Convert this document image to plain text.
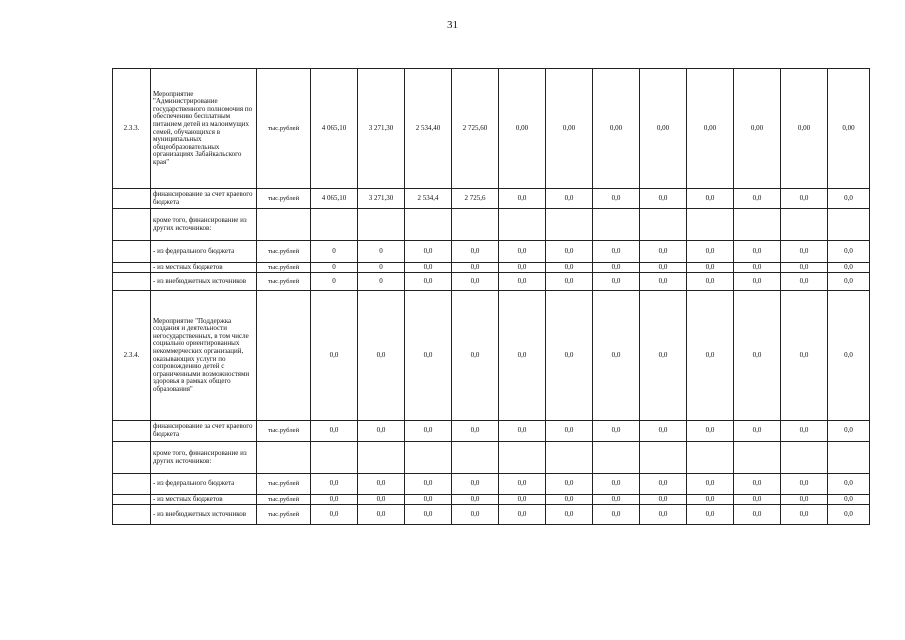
31
2.3.3.	Мероприятие "Администрирование государственного полномочия по обеспечению бесплатным питанием детей из малоимущих семей, обучающихся в муниципальных общеобразовательных организациях Забайкальского края"	тыс.рублей	4 065,10	3 271,30	2 534,40	2 725,60	0,00	0,00	0,00	0,00	0,00	0,00	0,00	0,00
	финансирование за счет краевого бюджета	тыс.рублей	4 065,10	3 271,30	2 534,4	2 725,6	0,0	0,0	0,0	0,0	0,0	0,0	0,0	0,0
	кроме того, финансирование из других источников:													
	- из федерального бюджета	тыс.рублей	0	0	0,0	0,0	0,0	0,0	0,0	0,0	0,0	0,0	0,0	0,0
	- из местных бюджетов	тыс.рублей	0	0	0,0	0,0	0,0	0,0	0,0	0,0	0,0	0,0	0,0	0,0
	- из внебюджетных источников	тыс.рублей	0	0	0,0	0,0	0,0	0,0	0,0	0,0	0,0	0,0	0,0	0,0
2.3.4.	Мероприятие "Поддержка создания и деятельности негосударственных, в том числе социально ориентированных некоммерческих организаций, оказывающих услуги по сопровождению детей с ограниченными возможностями здоровья в рамках общего образования"		0,0	0,0	0,0	0,0	0,0	0,0	0,0	0,0	0,0	0,0	0,0	0,0
	финансирование за счет краевого бюджета	тыс.рублей	0,0	0,0	0,0	0,0	0,0	0,0	0,0	0,0	0,0	0,0	0,0	0,0
	кроме того, финансирование из других источников:													
	- из федерального бюджета	тыс.рублей	0,0	0,0	0,0	0,0	0,0	0,0	0,0	0,0	0,0	0,0	0,0	0,0
	- из местных бюджетов	тыс.рублей	0,0	0,0	0,0	0,0	0,0	0,0	0,0	0,0	0,0	0,0	0,0	0,0
	- из внебюджетных источников	тыс.рублей	0,0	0,0	0,0	0,0	0,0	0,0	0,0	0,0	0,0	0,0	0,0	0,0
